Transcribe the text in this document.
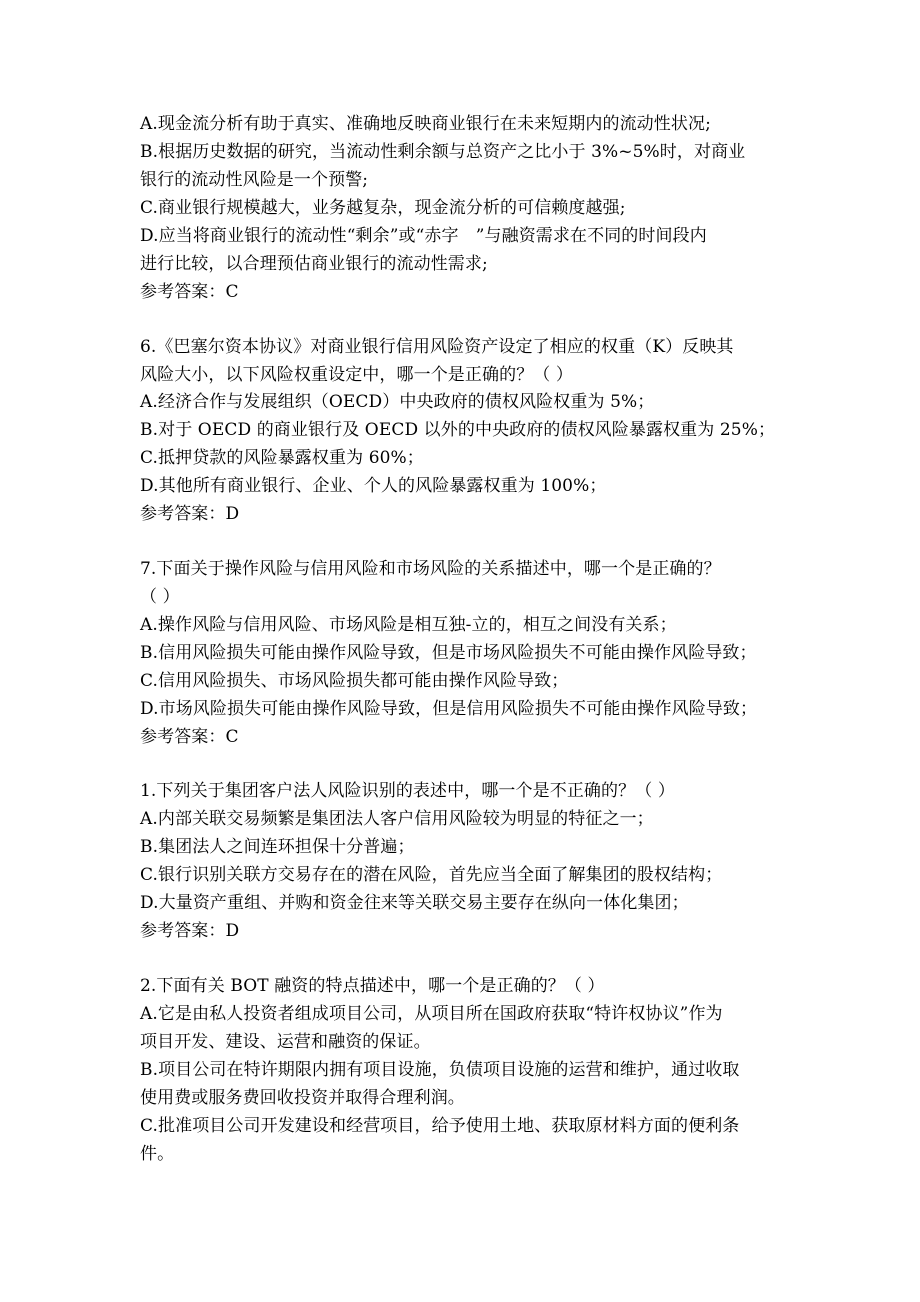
A.现金流分析有助于真实、准确地反映商业银行在未来短期内的流动性状况;
B.根据历史数据的研究，当流动性剩余额与总资产之比小于 3%~5%时，对商业
银行的流动性风险是一个预警;
C.商业银行规模越大，业务越复杂，现金流分析的可信赖度越强;
D.应当将商业银行的流动性“剩余”或“赤字　”与融资需求在不同的时间段内
进行比较，以合理预估商业银行的流动性需求;
参考答案：C
6.《巴塞尔资本协议》对商业银行信用风险资产设定了相应的权重（K）反映其
风险大小，以下风险权重设定中，哪一个是正确的？（ ）
A.经济合作与发展组织（OECD）中央政府的债权风险权重为 5%；
B.对于 OECD 的商业银行及 OECD 以外的中央政府的债权风险暴露权重为 25%；
C.抵押贷款的风险暴露权重为 60%；
D.其他所有商业银行、企业、个人的风险暴露权重为 100%；
参考答案：D
7.下面关于操作风险与信用风险和市场风险的关系描述中，哪一个是正确的？
（ ）
A.操作风险与信用风险、市场风险是相互独-立的，相互之间没有关系；
B.信用风险损失可能由操作风险导致，但是市场风险损失不可能由操作风险导致；
C.信用风险损失、市场风险损失都可能由操作风险导致；
D.市场风险损失可能由操作风险导致，但是信用风险损失不可能由操作风险导致；
参考答案：C
1.下列关于集团客户法人风险识别的表述中，哪一个是不正确的？（ ）
A.内部关联交易频繁是集团法人客户信用风险较为明显的特征之一；
B.集团法人之间连环担保十分普遍；
C.银行识别关联方交易存在的潜在风险，首先应当全面了解集团的股权结构；
D.大量资产重组、并购和资金往来等关联交易主要存在纵向一体化集团；
参考答案：D
2.下面有关 BOT 融资的特点描述中，哪一个是正确的？（ ）
A.它是由私人投资者组成项目公司，从项目所在国政府获取“特许权协议”作为
项目开发、建设、运营和融资的保证。
B.项目公司在特许期限内拥有项目设施，负债项目设施的运营和维护，通过收取
使用费或服务费回收投资并取得合理利润。
C.批准项目公司开发建设和经营项目，给予使用土地、获取原材料方面的便利条
件。
